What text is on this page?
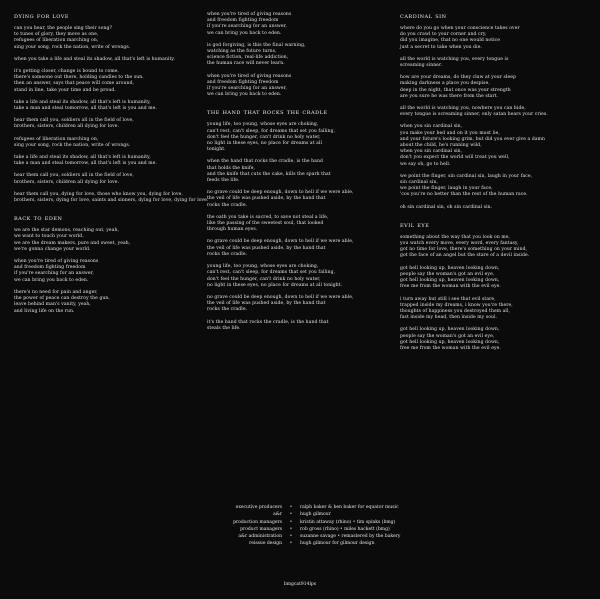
dying for love
can you hear, the people sing their song?
to tunes of glory, they move as one,
refugees of liberation marching on,
sing your song, rock the nation, write of wrongs.
when you take a life and steal its shadow, all that's left is humanity.
it's getting closer, change is bound to come.
there's someone out there, holding candles to the sun.
then an answer, says that peace will come around,
stand in line, take your time and be proud.
take a life and steal its shadow, all that's left is humanity,
take a man and steal tomorrow, all that's left is you and me.
hear them call you, soldiers all in the field of love,
brothers, sisters, children all dying for love.
refugees of liberation marching on,
sing your song, rock the nation, write of wrongs.
take a life and steal its shadow, all that's left is humanity,
take a man and steal tomorrow, all that's left is you and me.
hear them call you, soldiers all in the field of love,
brothers, sisters, children all dying for love.
hear them call you, dying for love, those who know you, dying for love,
brothers, sisters, dying for love, saints and sinners, dying for love, dying for love.
back to eden
we are the star demons, reaching out, yeah,
we want to touch your world.
we are the dream makers, pure and sweet, yeah,
we're gonna change your world.
when you're tired of giving reasons
and freedom fighting freedom
if you're searching for an answer,
we can bring you back to eden.
there's no need for pain and anger,
the power of peace can destroy the gun.
leave behind man's vanity, yeah,
and living life on the run.
when you're tired of giving reasons
and freedom fighting freedom
if you're searching for an answer,
we can bring you back to eden.
is god forgiving, is this the final warning,
watching as the future turns,
science fiction, real-life addiction,
the human race will never learn.
when you're tired of giving reasons
and freedom fighting freedom
if you're searching for an answer,
we can bring you back to eden.
the hand that rocks the cradle
young life, too young, whose eyes are choking,
can't rest, can't sleep, for dreams that set you falling,
don't feel the hunger, can't drink no holy water,
no light in these eyes, no place for dreams at all
tonight.
when the hand that rocks the cradle, is the hand
that holds the knife,
and the knife that cuts the cake, kills the spark that
feeds the life.
no grave could be deep enough, down to hell if we were able,
the veil of life was pushed aside, by the hand that
rocks the cradle.
the oath you take is sacred, to save not steal a life,
like the passing of the sweetest soul, that looked
through human eyes.
no grave could be deep enough, down to hell if we were able,
the veil of life was pushed aside, by the hand that
rocks the cradle.
young life, too young, whose eyes are choking,
can't rest, can't sleep, for dreams that set you falling,
don't feel the hunger, can't drink no holy water,
no light in these eyes, no place for dreams at all tonight.
no grave could be deep enough, down to hell if we were able,
the veil of life was pushed aside, by the hand that
rocks the cradle.
it's the hand that rocks the cradle, is the hand that
steals the life.
cardinal sin
where do you go when your conscience takes over
do you crawl to your corner and cry,
did you imagine, that no one would notice
just a secret to take when you die.
all the world is watching you, every tongue is
screaming sinner.
how are your dreams, do they claw at your sleep
making darkness a place you despise,
deep in the night, that once was your strength
are you sure he was there from the start.
all the world is watching you, nowhere you can hide,
every tongue is screaming sinner, only satan hears your cries.
when you sin cardinal sin,
you make your bed and on it you must lie,
and your future's looking grim, but did you ever give a damn
about the child, he's running wild,
when you sin cardinal sin,
don't you expect the world will treat you well,
we say oh, go to hell.
we point the finger, sin cardinal sin, laugh in your face,
sin cardinal sin,
we point the finger, laugh in your face,
'cos you're no better than the rest of the human race.
oh sin cardinal sin, oh sin cardinal sin.
evil eye
something about the way that you look on me,
you watch every move, every word, every fantasy,
got no time for love, there's something on your mind,
got the face of an angel but the stare of a devil inside.
got hell looking up, heaven looking down,
people say the woman's got an evil eye,
got hell looking up, heaven looking down,
free me from the woman with the evil eye.
i turn away but still i see that evil stare,
trapped inside my dreams, i know you're there,
thoughts of happiness you destroyed them all,
fast inside my head, then inside my soul.
got hell looking up, heaven looking down,
people say the woman's got an evil eye,
got hell looking up, heaven looking down,
free me from the woman with the evil eye.
executive producers	•	ralph baker & ben baker for equator music
a&r	•	hugh gilmour
production managers	•	kristin attaway (rhino) • tim spinks (bmg)
product managers	•	rob gross (rhino) • miles hackett (bmg)
a&r administration	•	suzanne savage • remastered by the bakery
reissue design	•	hugh gilmour for gilmour design
bmgcat914lps
